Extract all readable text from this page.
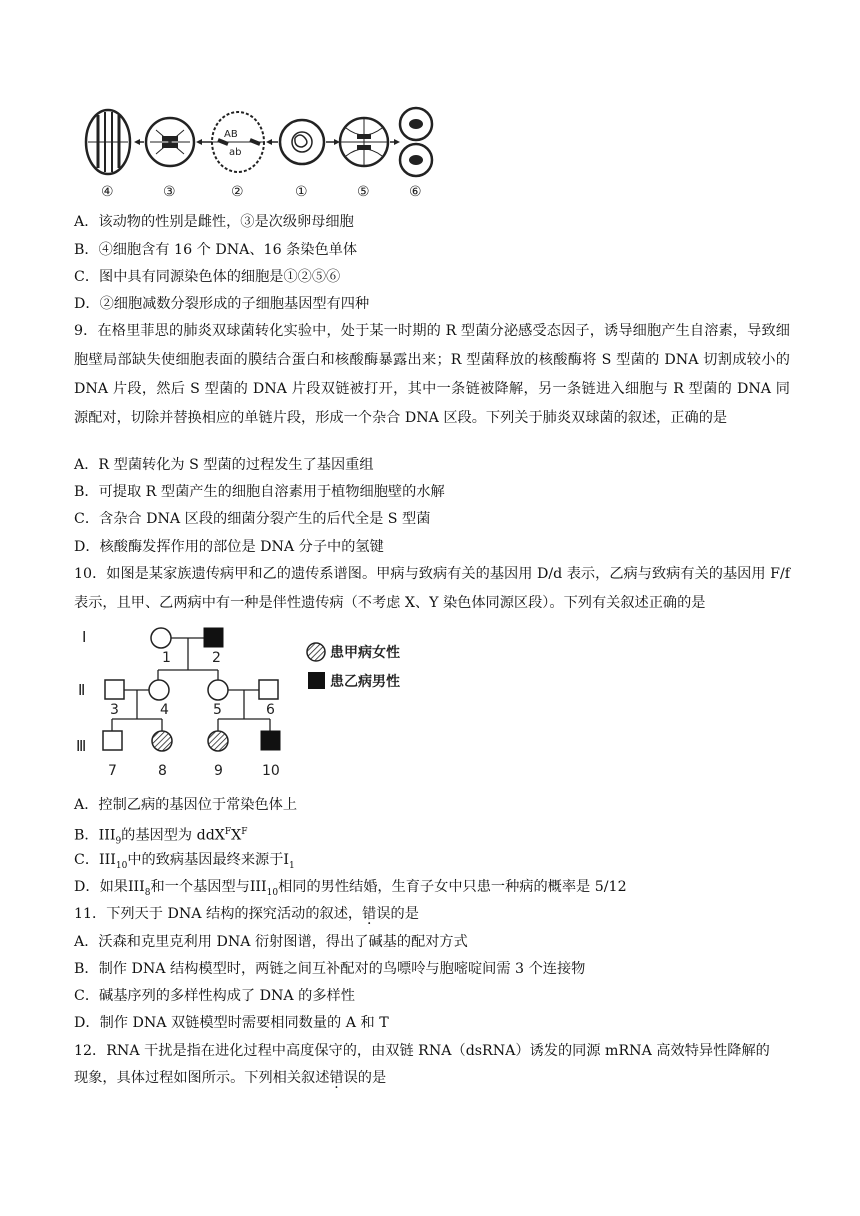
AB
ab
④	③	②	①	⑤	⑥
A．该动物的性别是雌性，③是次级卵母细胞
B．④细胞含有 16 个 DNA、16 条染色单体
C．图中具有同源染色体的细胞是①②⑤⑥
D．②细胞减数分裂形成的子细胞基因型有四种
9．在格里菲思的肺炎双球菌转化实验中，处于某一时期的 R 型菌分泌感受态因子，诱导细胞产生自溶素，导致细胞壁局部缺失使细胞表面的膜结合蛋白和核酸酶暴露出来；R 型菌释放的核酸酶将 S 型菌的 DNA 切割成较小的 DNA 片段，然后 S 型菌的 DNA 片段双链被打开，其中一条链被降解，另一条链进入细胞与 R 型菌的 DNA 同源配对，切除并替换相应的单链片段，形成一个杂合 DNA 区段。下列关于肺炎双球菌的叙述，正确的是
A．R 型菌转化为 S 型菌的过程发生了基因重组
B．可提取 R 型菌产生的细胞自溶素用于植物细胞壁的水解
C．含杂合 DNA 区段的细菌分裂产生的后代全是 S 型菌
D．核酸酶发挥作用的部位是 DNA 分子中的氢键
10．如图是某家族遗传病甲和乙的遗传系谱图。甲病与致病有关的基因用 D/d 表示，乙病与致病有关的基因用 F/f 表示，且甲、乙两病中有一种是伴性遗传病（不考虑 X、Y 染色体同源区段）。下列有关叙述正确的是
Ⅰ
Ⅱ
Ⅲ
1	2
3	4	5	6
7	8	9	10
患甲病女性
患乙病男性
A．控制乙病的基因位于常染色体上
B．$III_9$的基因型为 $ddX^FX^F$
C．$III_{10}$中的致病基因最终来源于$I_1$
D．如果$III_8$和一个基因型与$III_{10}$相同的男性结婚，生育子女中只患一种病的概率是 5/12
11．下列天于 DNA 结构的探究活动的叙述，错误的是
A．沃森和克里克利用 DNA 衍射图谱，得出了碱基的配对方式
B．制作 DNA 结构模型时，两链之间互补配对的鸟嘌呤与胞嘧啶间需 3 个连接物
C．碱基序列的多样性构成了 DNA 的多样性
D．制作 DNA 双链模型时需要相同数量的 A 和 T
12．RNA 干扰是指在进化过程中高度保守的，由双链 RNA（dsRNA）诱发的同源 mRNA 高效特异性降解的
现象，具体过程如图所示。下列相关叙述错误的是
